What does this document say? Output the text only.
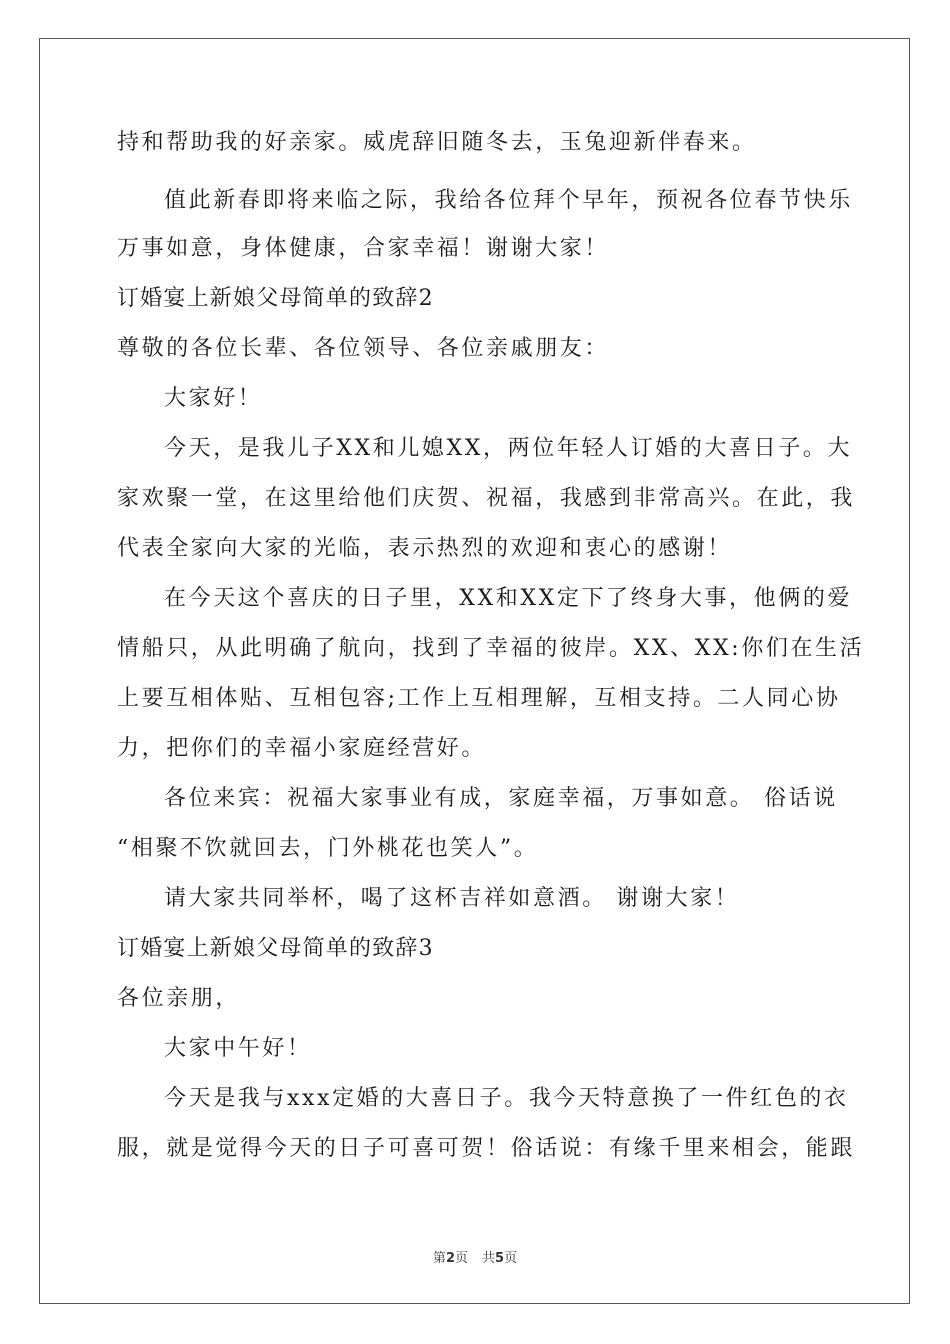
持和帮助我的好亲家。威虎辞旧随冬去，玉兔迎新伴春来。
值此新春即将来临之际，我给各位拜个早年，预祝各位春节快乐
万事如意，身体健康，合家幸福！谢谢大家！
订婚宴上新娘父母简单的致辞2
尊敬的各位长辈、各位领导、各位亲戚朋友：
大家好！
今天，是我儿子XX和儿媳XX，两位年轻人订婚的大喜日子。大
家欢聚一堂，在这里给他们庆贺、祝福，我感到非常高兴。在此，我
代表全家向大家的光临，表示热烈的欢迎和衷心的感谢！
在今天这个喜庆的日子里，XX和XX定下了终身大事，他俩的爱
情船只，从此明确了航向，找到了幸福的彼岸。XX、XX:你们在生活
上要互相体贴、互相包容;工作上互相理解，互相支持。二人同心协
力，把你们的幸福小家庭经营好。
各位来宾：祝福大家事业有成，家庭幸福，万事如意。 俗话说
“相聚不饮就回去，门外桃花也笑人”。
请大家共同举杯，喝了这杯吉祥如意酒。 谢谢大家！
订婚宴上新娘父母简单的致辞3
各位亲朋，
大家中午好！
今天是我与xxx定婚的大喜日子。我今天特意换了一件红色的衣
服，就是觉得今天的日子可喜可贺！俗话说：有缘千里来相会，能跟
第2页 共5页
